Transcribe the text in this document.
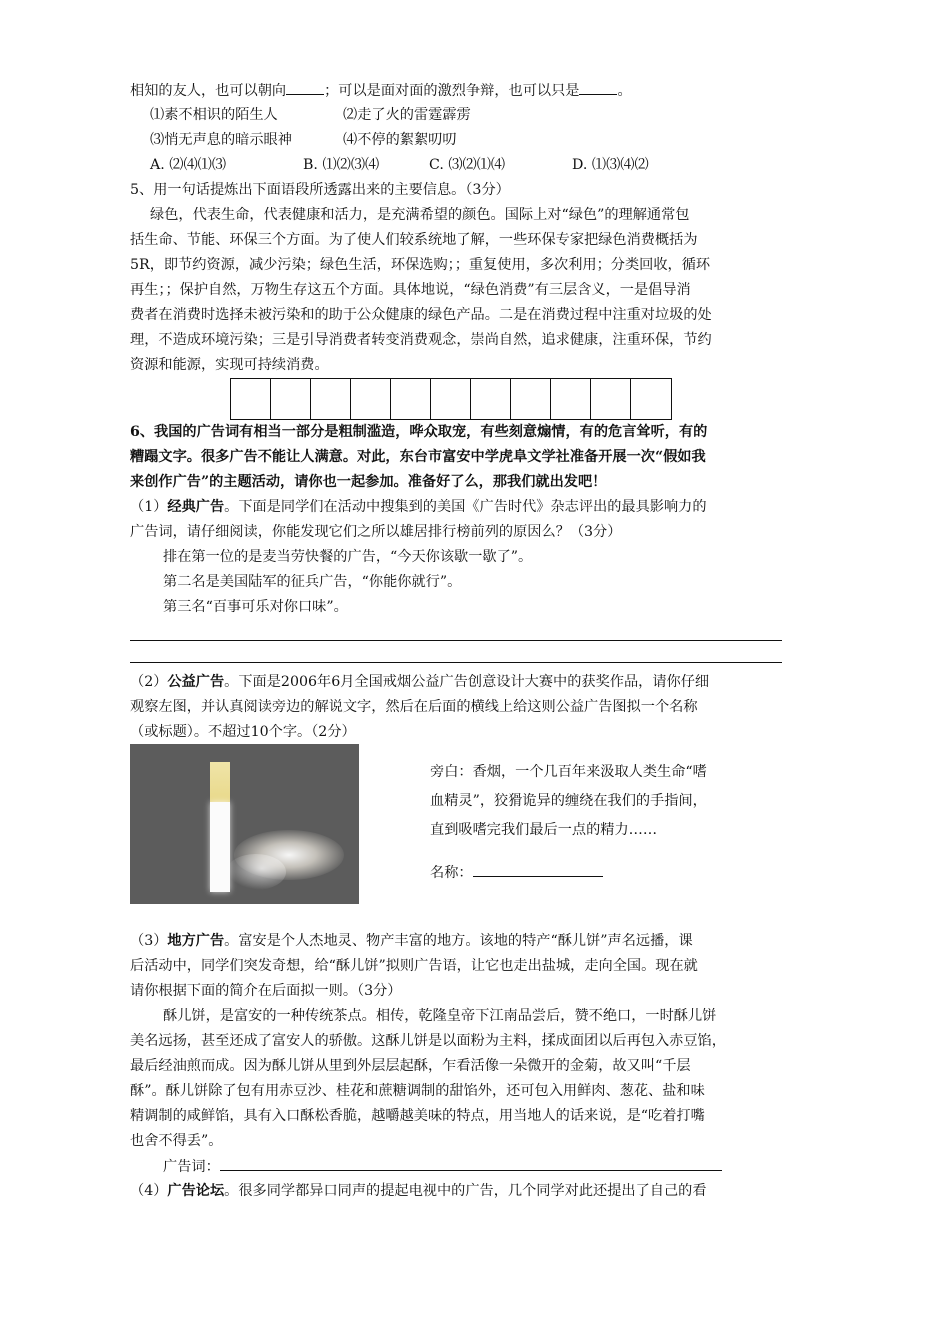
相知的友人，也可以朝向	；可以是面对面的激烈争辩，也可以只是	。
⑴素不相识的陌生人	⑵走了火的雷霆霹雳
⑶悄无声息的暗示眼神	⑷不停的絮絮叨叨
A. ⑵⑷⑴⑶	B. ⑴⑵⑶⑷	C. ⑶⑵⑴⑷	D. ⑴⑶⑷⑵
5、用一句话提炼出下面语段所透露出来的主要信息。（3分）
绿色，代表生命，代表健康和活力，是充满希望的颜色。国际上对“绿色”的理解通常包
括生命、节能、环保三个方面。为了使人们较系统地了解，一些环保专家把绿色消费概括为
5R，即节约资源，减少污染；绿色生活，环保选购；；重复使用，多次利用；分类回收，循环
再生；；保护自然，万物生存这五个方面。具体地说，“绿色消费”有三层含义，一是倡导消
费者在消费时选择未被污染和的助于公众健康的绿色产品。二是在消费过程中注重对垃圾的处
理，不造成环境污染；三是引导消费者转变消费观念，崇尚自然，追求健康，注重环保，节约
资源和能源，实现可持续消费。
6、我国的广告词有相当一部分是粗制滥造，哗众取宠，有些刻意煽情，有的危言耸听，有的
糟蹋文字。很多广告不能让人满意。对此，东台市富安中学虎阜文学社准备开展一次“假如我
来创作广告”的主题活动，请你也一起参加。准备好了么，那我们就出发吧！
（1）经典广告。下面是同学们在活动中搜集到的美国《广告时代》杂志评出的最具影响力的
广告词，请仔细阅读，你能发现它们之所以雄居排行榜前列的原因么？（3分）
排在第一位的是麦当劳快餐的广告，“今天你该歇一歇了”。
第二名是美国陆军的征兵广告，“你能你就行”。
第三名“百事可乐对你口味”。
（2）公益广告。下面是2006年6月全国戒烟公益广告创意设计大赛中的获奖作品，请你仔细
观察左图，并认真阅读旁边的解说文字，然后在后面的横线上给这则公益广告图拟一个名称
（或标题）。不超过10个字。（2分）
旁白：香烟，一个几百年来汲取人类生命“嗜
血精灵”，狡猾诡异的缠绕在我们的手指间，
直到吸嗜完我们最后一点的精力……
名称：
（3）地方广告。富安是个人杰地灵、物产丰富的地方。该地的特产“酥儿饼”声名远播，课
后活动中，同学们突发奇想，给“酥儿饼”拟则广告语，让它也走出盐城，走向全国。现在就
请你根据下面的简介在后面拟一则。（3分）
酥儿饼，是富安的一种传统茶点。相传，乾隆皇帝下江南品尝后，赞不绝口，一时酥儿饼
美名远扬，甚至还成了富安人的骄傲。这酥儿饼是以面粉为主料，揉成面团以后再包入赤豆馅，
最后经油煎而成。因为酥儿饼从里到外层层起酥，乍看活像一朵微开的金菊，故又叫“千层
酥”。酥儿饼除了包有用赤豆沙、桂花和蔗糖调制的甜馅外，还可包入用鲜肉、葱花、盐和味
精调制的咸鲜馅，具有入口酥松香脆，越嚼越美味的特点，用当地人的话来说，是“吃着打嘴
也舍不得丢”。
广告词：
（4）广告论坛。很多同学都异口同声的提起电视中的广告，几个同学对此还提出了自己的看
